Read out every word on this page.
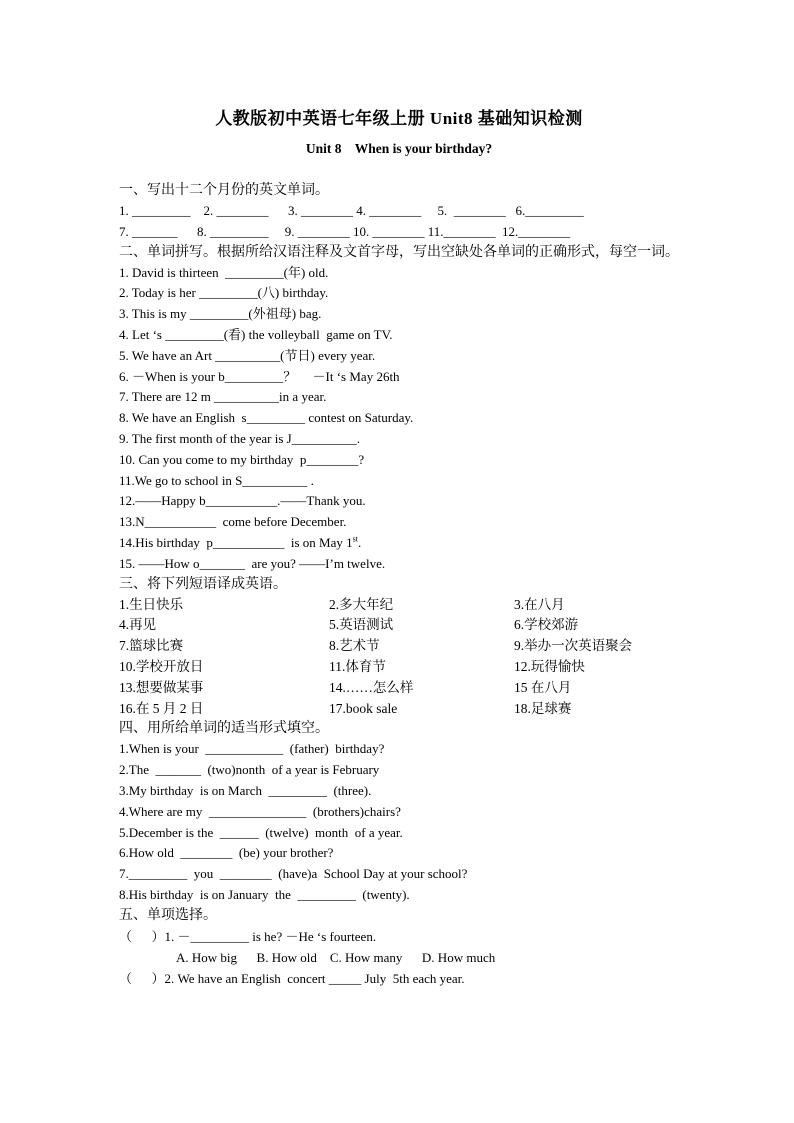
人教版初中英语七年级上册 Unit8 基础知识检测
Unit 8    When is your birthday?
一、写出十二个月份的英文单词。
1. _________    2. ________      3. ________ 4. ________     5.  ________   6._________
7. _______      8. _________     9. ________ 10. ________ 11.________  12.________
二、单词拼写。根据所给汉语注释及文首字母，写出空缺处各单词的正确形式，每空一词。
1. David is thirteen  _________(年) old.
2. Today is her _________(八) birthday.
3. This is my _________(外祖母) bag.
4. Let ‘s _________(看) the volleyball  game on TV.
5. We have an Art __________(节日) every year.
6. －When is your b_________？     －It ‘s May 26th
7. There are 12 m __________in a year.
8. We have an English  s_________ contest on Saturday.
9. The first month of the year is J__________.
10. Can you come to my birthday  p________?
11.We go to school in S__________ .
12.——Happy b___________.——Thank you.
13.N___________  come before December.
14.His birthday  p___________  is on May 1st.
15. ——How o_______  are you? ——I’m twelve.
三、将下列短语译成英语。
1.生日快乐	2.多大年纪	3.在八月
4.再见	5.英语测试	6.学校郊游
7.篮球比赛	8.艺术节	9.举办一次英语聚会
10.学校开放日	11.体育节	12.玩得愉快
13.想要做某事	14.……怎么样	15 在八月
16.在 5 月 2 日	17.book sale	18.足球赛
四、用所给单词的适当形式填空。
1.When is your  ____________  (father)  birthday?
2.The  _______  (two)nonth  of a year is February
3.My birthday  is on March  _________  (three).
4.Where are my  _______________  (brothers)chairs?
5.December is the  ______  (twelve)  month  of a year.
6.How old  ________  (be) your brother?
7._________  you  ________  (have)a  School Day at your school?
8.His birthday  is on January  the  _________  (twenty).
五、单项选择。
（      ）1. －_________ is he? －He ‘s fourteen.
A. How big      B. How old    C. How many      D. How much
（      ）2. We have an English  concert _____ July  5th each year.
